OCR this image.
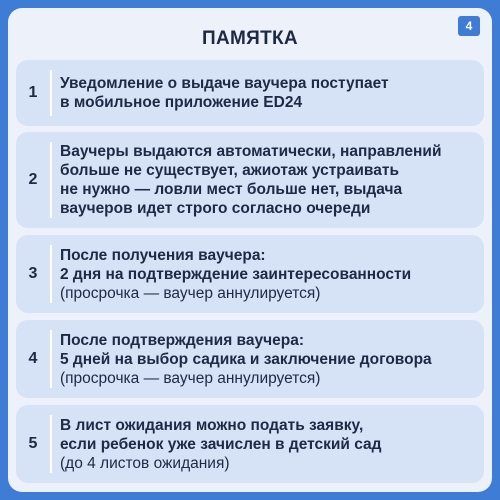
4
ПАМЯТКА
1
Уведомление о выдаче ваучера поступает
в мобильное приложение ED24
2
Ваучеры выдаются автоматически, направлений
больше не существует, ажиотаж устраивать
не нужно — ловли мест больше нет, выдача
ваучеров идет строго согласно очереди
3
После получения ваучера:
2 дня на подтверждение заинтересованности
(просрочка — ваучер аннулируется)
4
После подтверждения ваучера:
5 дней на выбор садика и заключение договора
(просрочка — ваучер аннулируется)
5
В лист ожидания можно подать заявку,
если ребенок уже зачислен в детский сад
(до 4 листов ожидания)
